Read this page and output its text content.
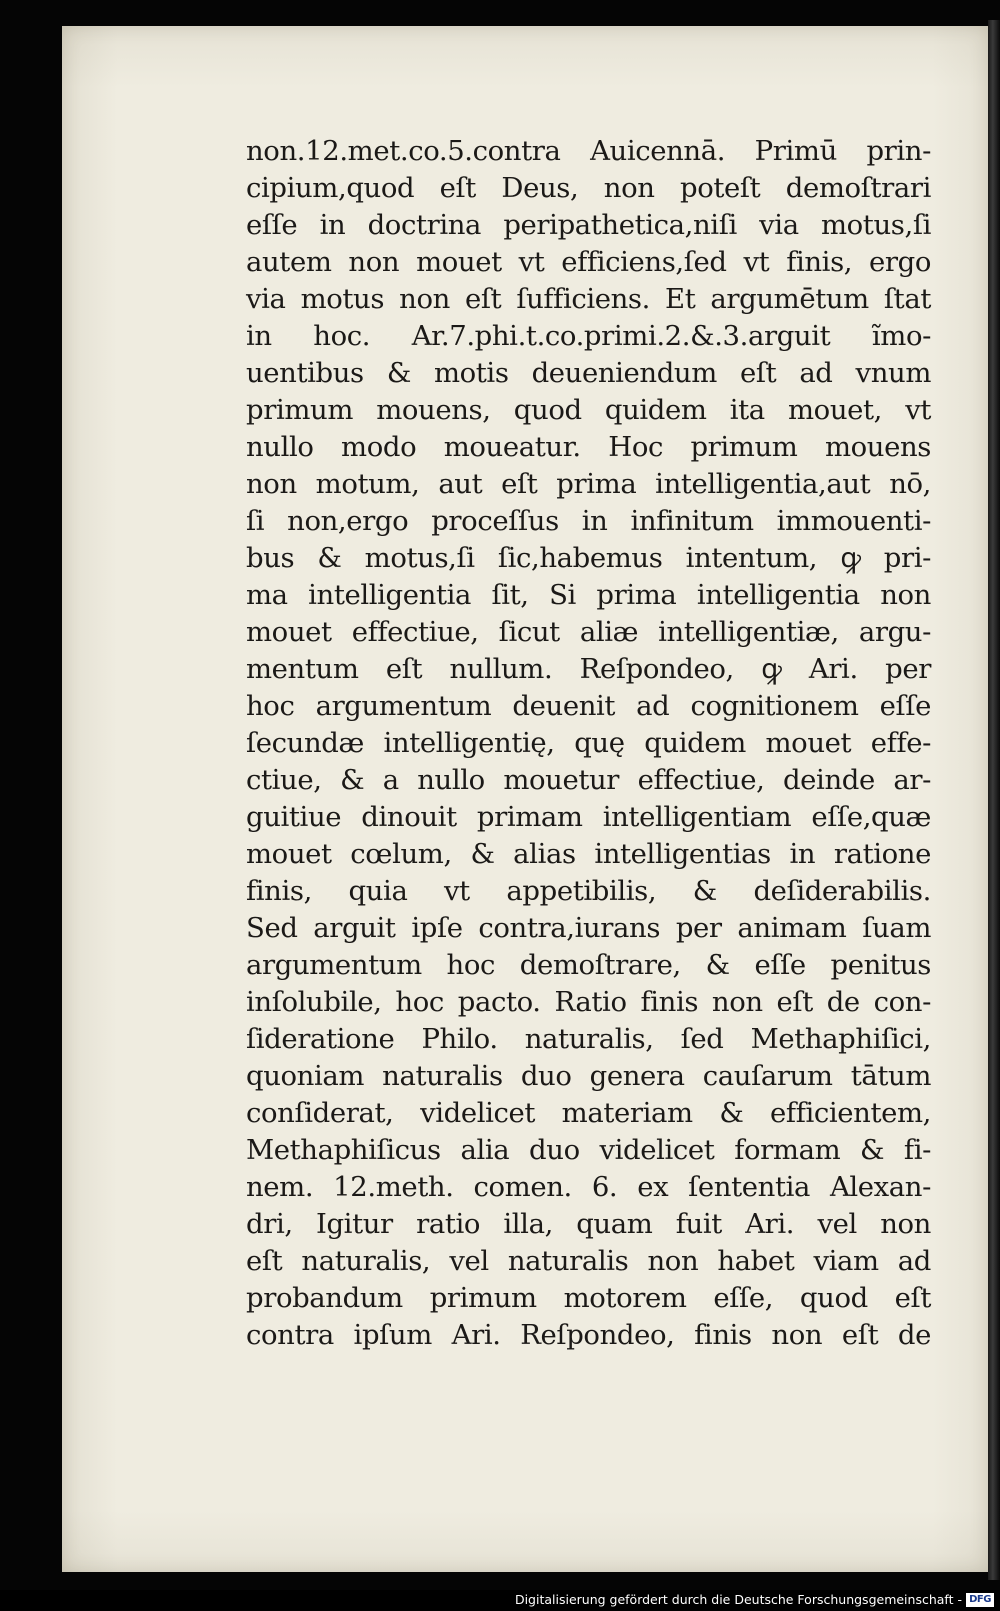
non.12.met.co.5.contra Auicennā. Primū prin-
cipium,quod eſt Deus, non poteſt demoſtrari
eſſe in doctrina peripathetica,niſi via motus,ſi
autem non mouet vt efficiens,ſed vt finis, ergo
via motus non eſt ſufficiens. Et argumētum ſtat
in hoc. Ar.7.phi.t.co.primi.2.&.3.arguit ĩmo-
uentibus & motis deueniendum eſt ad vnum
primum mouens, quod quidem ita mouet, vt
nullo modo moueatur. Hoc primum mouens
non motum, aut eſt prima intelligentia,aut nō,
ſi non,ergo proceſſus in infinitum immouenti-
bus & motus,ſi ſic,habemus intentum, ꝙ pri-
ma intelligentia ſit, Si prima intelligentia non
mouet effectiue, ſicut aliæ intelligentiæ, argu-
mentum eſt nullum. Reſpondeo, ꝙ Ari. per
hoc argumentum deuenit ad cognitionem eſſe
ſecundæ intelligentię, quę quidem mouet effe-
ctiue, & a nullo mouetur effectiue, deinde ar-
guitiue dinouit primam intelligentiam eſſe,quæ
mouet cœlum, & alias intelligentias in ratione
finis, quia vt appetibilis, & deſiderabilis.
Sed arguit ipſe contra,iurans per animam ſuam
argumentum hoc demoſtrare, & eſſe penitus
inſolubile, hoc pacto. Ratio finis non eſt de con-
ſideratione Philo. naturalis, ſed Methaphiſici,
quoniam naturalis duo genera cauſarum tātum
conſiderat, videlicet materiam & efficientem,
Methaphiſicus alia duo videlicet formam & fi-
nem. 12.meth. comen. 6. ex ſententia Alexan-
dri, Igitur ratio illa, quam fuit Ari. vel non
eſt naturalis, vel naturalis non habet viam ad
probandum primum motorem eſſe, quod eſt
contra ipſum Ari. Reſpondeo, finis non eſt de
Digitalisierung gefördert durch die Deutsche Forschungsgemeinschaft - DFG
